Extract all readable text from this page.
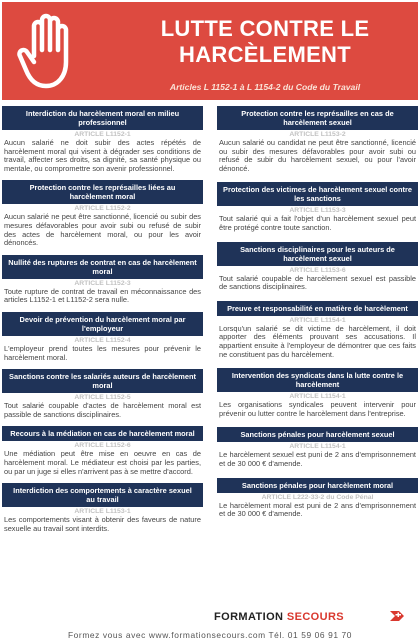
LUTTE CONTRE LE HARCÈLEMENT
Articles L 1152-1 à L 1154-2 du Code du Travail
Interdiction du harcèlement moral en milieu professionnel
ARTICLE L1152-1
Aucun salarié ne doit subir des actes répétés de harcèlement moral qui visent à dégrader ses conditions de travail, affecter ses droits, sa dignité, sa santé physique ou mentale, ou compromettre son avenir professionnel.
Protection contre les représailles liées au harcèlement moral
ARTICLE L1152-2
Aucun salarié ne peut être sanctionné, licencié ou subir des mesures défavorables pour avoir subi ou refusé de subir des actes de harcèlement moral, ou pour les avoir dénoncés.
Nullité des ruptures de contrat en cas de harcèlement moral
ARTICLE L1152-3
Toute rupture de contrat de travail en méconnaissance des articles L1152-1 et L1152-2 sera nulle.
Devoir de prévention du harcèlement moral par l'employeur
ARTICLE L1152-4
L'employeur prend toutes les mesures pour prévenir le harcèlement moral.
Sanctions contre les salariés auteurs de harcèlement moral
ARTICLE L1152-5
Tout salarié coupable d'actes de harcèlement moral est passible de sanctions disciplinaires.
Recours à la médiation en cas de harcèlement moral
ARTICLE L1152-6
Une médiation peut être mise en oeuvre en cas de harcèlement moral. Le médiateur est choisi par les parties, ou par un juge si elles n'arrivent pas à se mettre d'accord.
Interdiction des comportements à caractère sexuel au travail
ARTICLE L1153-1
Les comportements visant à obtenir des faveurs de nature sexuelle au travail sont interdits.
Protection contre les représailles en cas de harcèlement sexuel
ARTICLE L1153-2
Aucun salarié ou candidat ne peut être sanctionné, licencié ou subir des mesures défavorables pour avoir subi ou refusé de subir du harcèlement sexuel, ou pour l'avoir dénoncé.
Protection des victimes de harcèlement sexuel contre les sanctions
ARTICLE L1153-3
Tout salarié qui a fait l'objet d'un harcèlement sexuel peut être protégé contre toute sanction.
Sanctions disciplinaires pour les auteurs de harcèlement sexuel
ARTICLE L1153-6
Tout salarié coupable de harcèlement sexuel est passible de sanctions disciplinaires.
Preuve et responsabilité en matière de harcèlement
ARTICLE L1154-1
Lorsqu'un salarié se dit victime de harcèlement, il doit apporter des éléments prouvant ses accusations. Il appartient ensuite à l'employeur de démontrer que ces faits ne constituent pas du harcèlement.
Intervention des syndicats dans la lutte contre le harcèlement
ARTICLE L1154-1
Les organisations syndicales peuvent intervenir pour prévenir ou lutter contre le harcèlement dans l'entreprise.
Sanctions pénales pour harcèlement sexuel
ARTICLE L1154-1
Le harcèlement sexuel est puni de 2 ans d'emprisonnement et de 30 000 € d'amende.
Sanctions pénales pour harcèlement moral
ARTICLE L222-33-2 du Code Pénal
Le harcèlement moral est puni de 2 ans d'emprisonnement et de 30 000 € d'amende.
FORMATION SECOURS
Formez vous avec www.formationsecours.com Tél. 01 59 06 91 70
